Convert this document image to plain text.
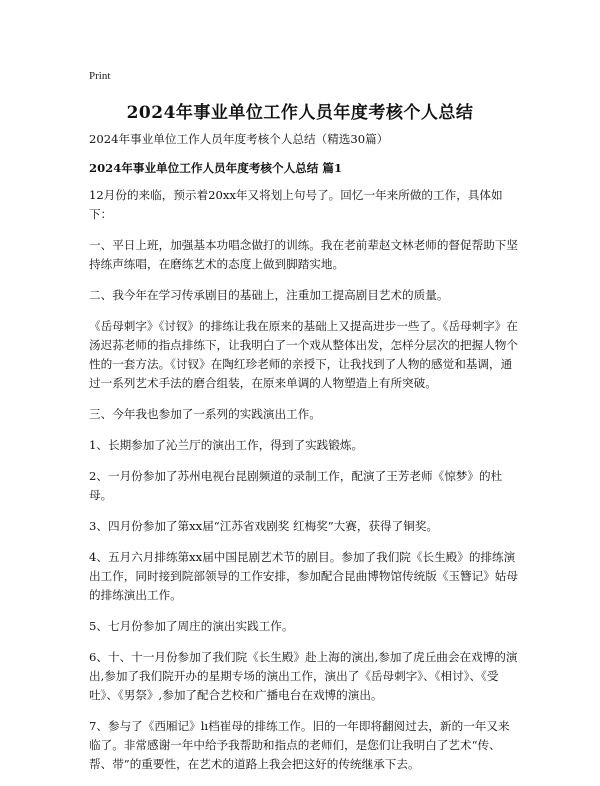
Print
2024年事业单位工作人员年度考核个人总结

2024年事业单位工作人员年度考核个人总结（精选30篇）

2024年事业单位工作人员年度考核个人总结 篇1

12月份的来临，预示着20xx年又将划上句号了。回忆一年来所做的工作，具体如下：

一、平日上班，加强基本功唱念做打的训练。我在老前辈赵文林老师的督促帮助下坚持练声练唱，在磨练艺术的态度上做到脚踏实地。

二、我今年在学习传承剧目的基础上，注重加工提高剧目艺术的质量。

《岳母刺字》《讨钗》的排练让我在原来的基础上又提高进步一些了。《岳母刺字》在汤迟荪老师的指点排练下，让我明白了一个戏从整体出发，怎样分层次的把握人物个性的一套方法。《讨钗》在陶红珍老师的亲授下，让我找到了人物的感觉和基调，通过一系列艺术手法的磨合组装，在原来单调的人物塑造上有所突破。

三、今年我也参加了一系列的实践演出工作。

1、长期参加了沁兰厅的演出工作，得到了实践锻炼。

2、一月份参加了苏州电视台昆剧频道的录制工作，配演了王芳老师《惊梦》的杜母。

3、四月份参加了第xx届“江苏省戏剧奖 红梅奖”大赛，获得了铜奖。

4、五月六月排练第xx届中国昆剧艺术节的剧目。参加了我们院《长生殿》的排练演出工作，同时接到院部领导的工作安排，参加配合昆曲博物馆传统版《玉簪记》姑母的排练演出工作。

5、七月份参加了周庄的演出实践工作。

6、十、十一月份参加了我们院《长生殿》赴上海的演出,参加了虎丘曲会在戏博的演出,参加了我们院开办的星期专场的演出工作，演出了《岳母刺字》、《相讨》、《受吐》、《男祭》,参加了配合艺校和广播电台在戏博的演出。

7、参与了《西厢记》lı档崔母的排练工作。旧的一年即将翻阅过去，新的一年又来临了。非常感谢一年中给予我帮助和指点的老师们，是您们让我明白了艺术“传、帮、带”的重要性，在艺术的道路上我会把这好的传统继承下去。
